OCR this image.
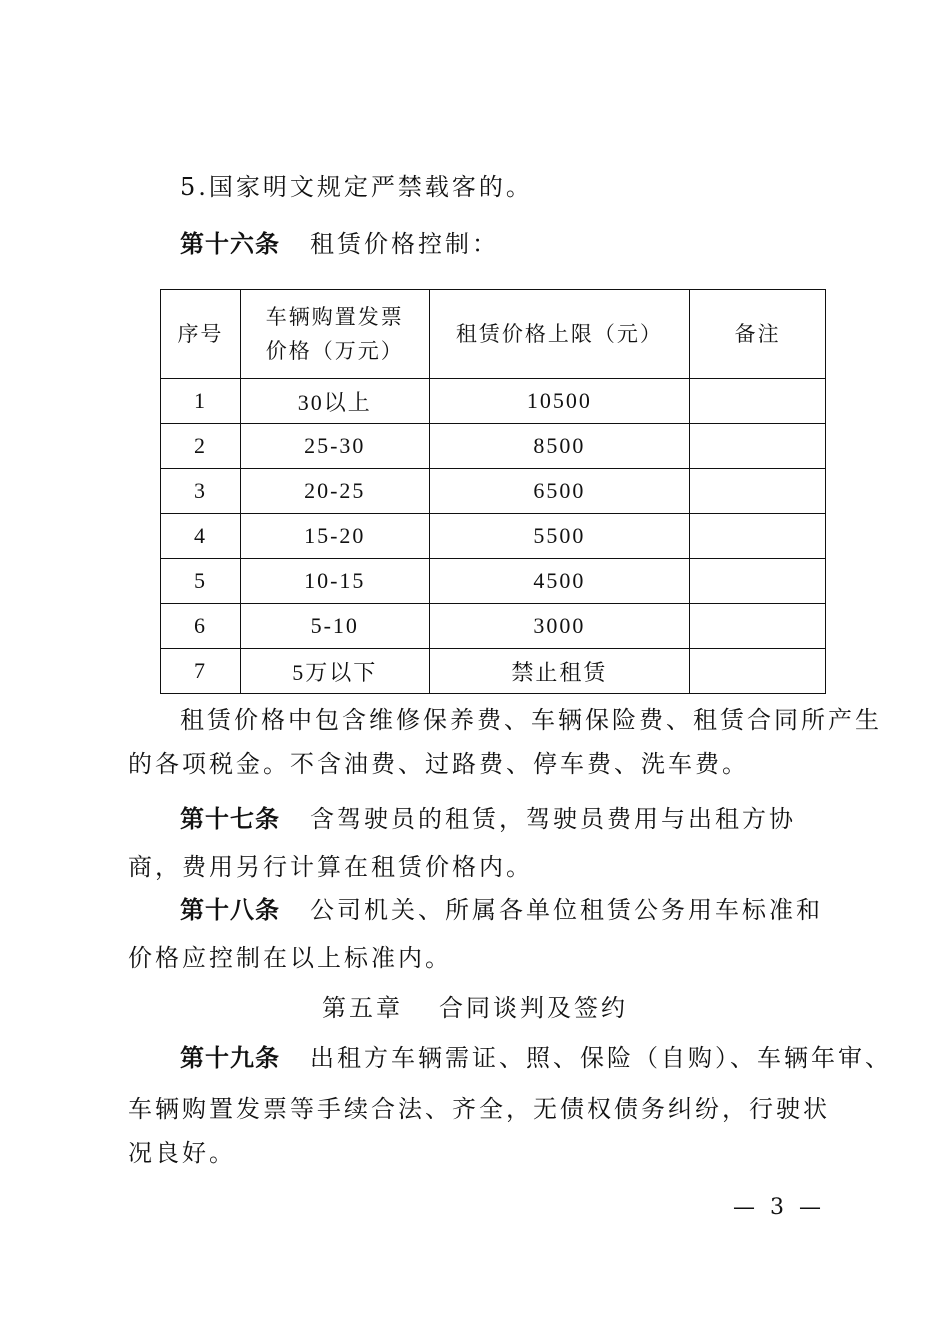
5.国家明文规定严禁载客的。
第十六条 租赁价格控制：
序号	车辆购置发票价格（万元）	租赁价格上限（元）	备注
1	30以上	10500	
2	25-30	8500	
3	20-25	6500	
4	15-20	5500	
5	10-15	4500	
6	5-10	3000	
7	5万以下	禁止租赁	
租赁价格中包含维修保养费、车辆保险费、租赁合同所产生
的各项税金。不含油费、过路费、停车费、洗车费。
第十七条 含驾驶员的租赁，驾驶员费用与出租方协
商，费用另行计算在租赁价格内。
第十八条 公司机关、所属各单位租赁公务用车标准和
价格应控制在以上标准内。
第五章 合同谈判及签约
第十九条 出租方车辆需证、照、保险（自购）、车辆年审、
车辆购置发票等手续合法、齐全，无债权债务纠纷，行驶状
况良好。
— 3 —
